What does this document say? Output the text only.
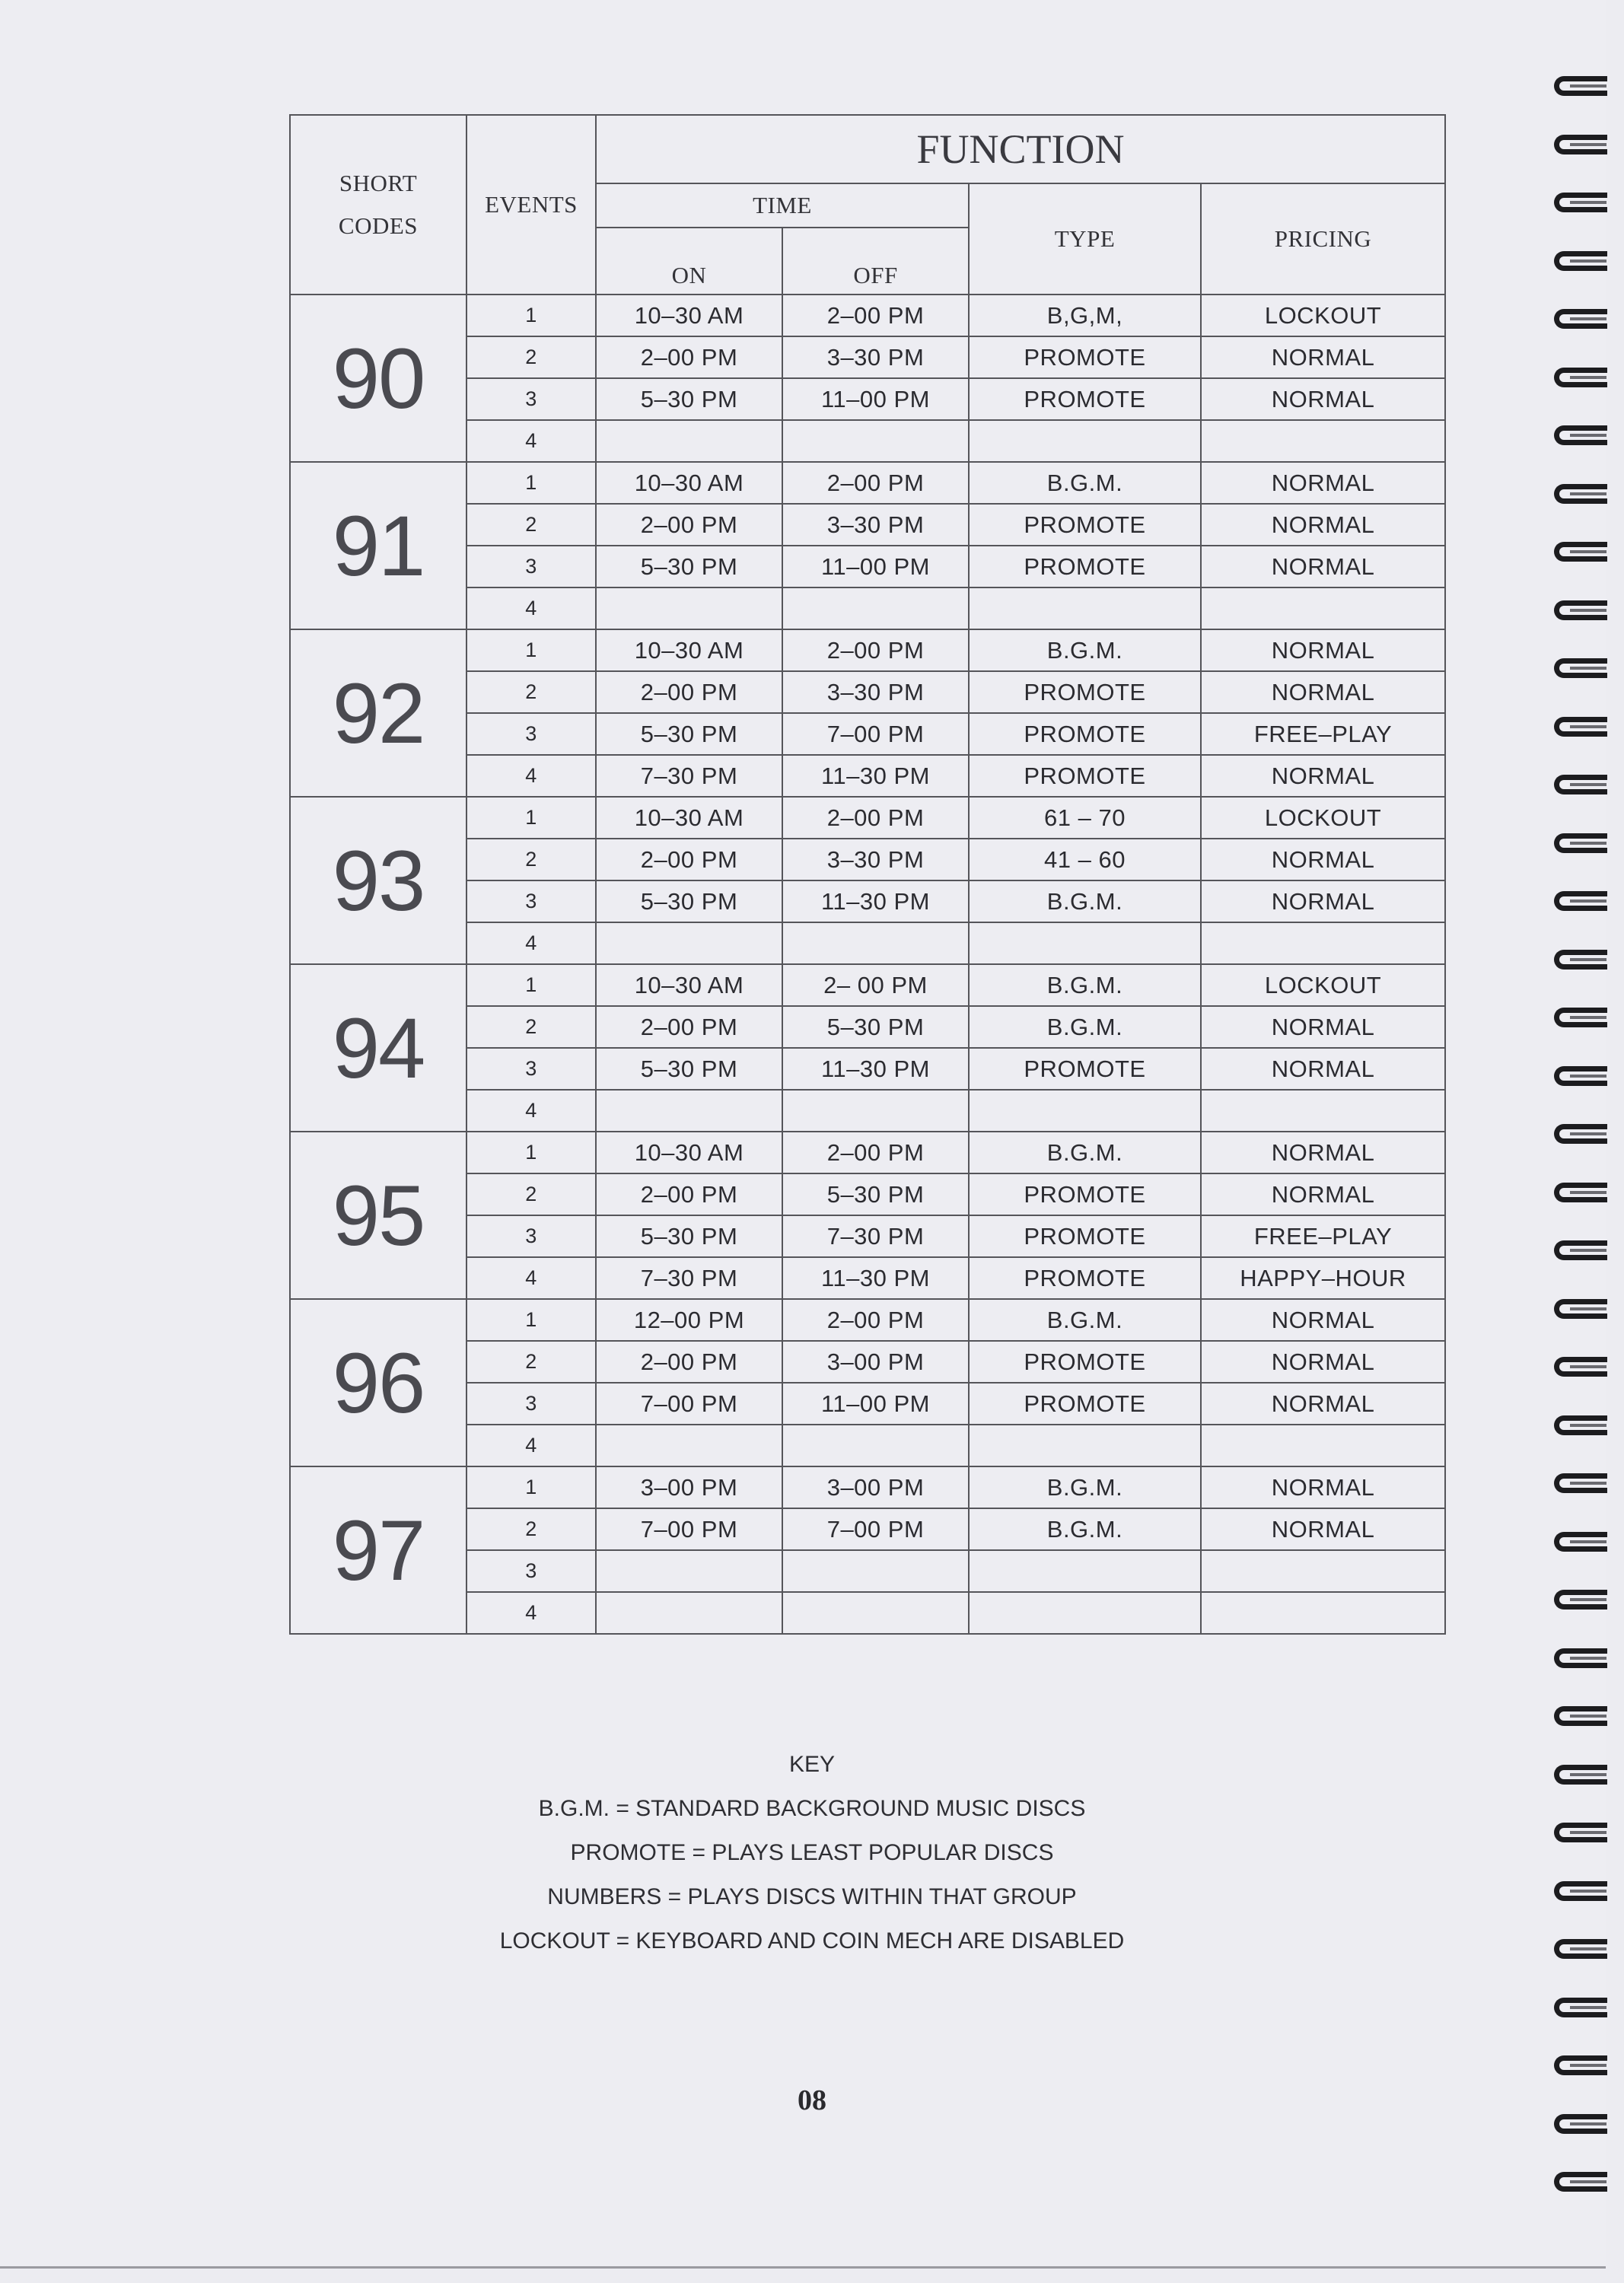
SHORT
CODES	EVENTS	FUNCTION			
		TIME		TYPE	PRICING
		ON	OFF		
90	1	10–30 AM	2–00 PM	B,G,M,	LOCKOUT
	2	2–00 PM	3–30 PM	PROMOTE	NORMAL
	3	5–30 PM	11–00 PM	PROMOTE	NORMAL
	4				
91	1	10–30 AM	2–00 PM	B.G.M.	NORMAL
	2	2–00 PM	3–30 PM	PROMOTE	NORMAL
	3	5–30 PM	11–00 PM	PROMOTE	NORMAL
	4				
92	1	10–30 AM	2–00 PM	B.G.M.	NORMAL
	2	2–00 PM	3–30 PM	PROMOTE	NORMAL
	3	5–30 PM	7–00 PM	PROMOTE	FREE–PLAY
	4	7–30 PM	11–30 PM	PROMOTE	NORMAL
93	1	10–30 AM	2–00 PM	61 – 70	LOCKOUT
	2	2–00 PM	3–30 PM	41 – 60	NORMAL
	3	5–30 PM	11–30 PM	B.G.M.	NORMAL
	4				
94	1	10–30 AM	2– 00 PM	B.G.M.	LOCKOUT
	2	2–00 PM	5–30 PM	B.G.M.	NORMAL
	3	5–30 PM	11–30 PM	PROMOTE	NORMAL
	4				
95	1	10–30 AM	2–00 PM	B.G.M.	NORMAL
	2	2–00 PM	5–30 PM	PROMOTE	NORMAL
	3	5–30 PM	7–30 PM	PROMOTE	FREE–PLAY
	4	7–30 PM	11–30 PM	PROMOTE	HAPPY–HOUR
96	1	12–00 PM	2–00 PM	B.G.M.	NORMAL
	2	2–00 PM	3–00 PM	PROMOTE	NORMAL
	3	7–00 PM	11–00 PM	PROMOTE	NORMAL
	4				
97	1	3–00 PM	3–00 PM	B.G.M.	NORMAL
	2	7–00 PM	7–00 PM	B.G.M.	NORMAL
	3				
	4				
KEY
B.G.M. = STANDARD BACKGROUND MUSIC DISCS
PROMOTE = PLAYS LEAST POPULAR DISCS
NUMBERS = PLAYS DISCS WITHIN THAT GROUP
LOCKOUT = KEYBOARD AND COIN MECH ARE DISABLED
08
